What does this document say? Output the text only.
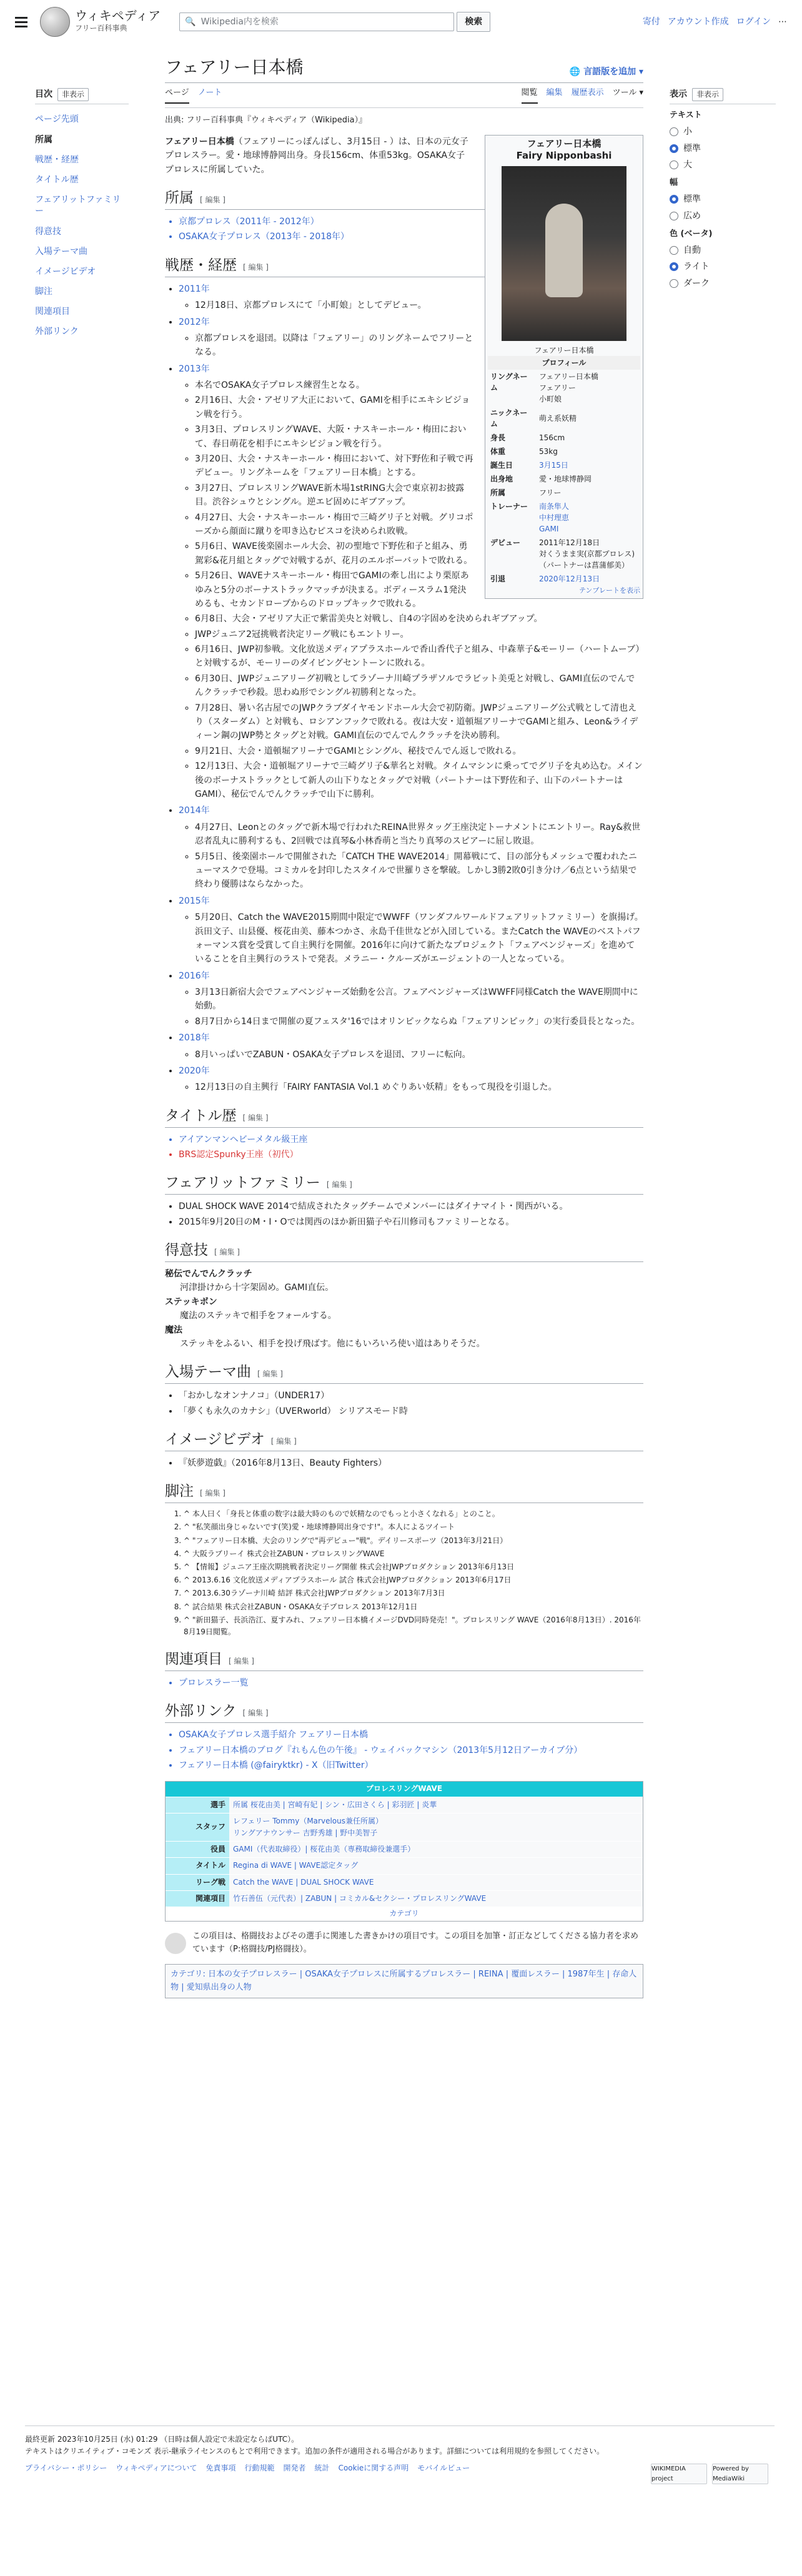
ウィキペディア
フリー百科事典
🔍 Wikipedia内を検索	検索	寄付 アカウント作成 ログイン ⋯
目次	非表示
ページ先頭
所属
戦歴・経歴
タイトル歴
フェアリットファミリー
得意技
入場テーマ曲
イメージビデオ
脚注
関連項目
外部リンク
フェアリー日本橋	🌐 言語版を追加 ▾
ページ ノート	閲覧 編集 履歴表示 ツール ▾
出典: フリー百科事典『ウィキペディア（Wikipedia）』
フェアリー日本橋
Fairy Nipponbashi
フェアリー日本橋
プロフィール	
リングネーム	フェアリー日本橋
フェアリー
小町娘
ニックネーム	萌え系妖精
身長	156cm
体重	53kg
誕生日	3月15日
出身地	愛・地球博静岡
所属	フリー
トレーナー	南条隼人
中村理恵
GAMI
デビュー	2011年12月18日
対くうまま実(京都プロレス)
（パートナーは菖蒲郁美）
引退	2020年12月13日
テンプレートを表示

フェアリー日本橋（フェアリーにっぽんばし、3月15日 - ）は、日本の元女子プロレスラー。愛・地球博静岡出身。身長156cm、体重53kg。OSAKA女子プロレスに所属していた。

所属 [ 編集 ]
• 京都プロレス（2011年 - 2012年）
• OSAKA女子プロレス（2013年 - 2018年）
戦歴・経歴 [ 編集 ]
• 2011年
◦ 12月18日、京都プロレスにて「小町娘」としてデビュー。
• 2012年
◦ 京都プロレスを退団。以降は「フェアリー」のリングネームでフリーとなる。
• 2013年
◦ 本名でOSAKA女子プロレス練習生となる。
◦ 2月16日、大会・アゼリア大正において、GAMIを相手にエキシビジョン戦を行う。
◦ 3月3日、プロレスリングWAVE、大阪・ナスキーホール・梅田において、春日萌花を相手にエキシビジョン戦を行う。
◦ 3月20日、大会・ナスキーホール・梅田において、対下野佐和子戦で再デビュー。リングネームを「フェアリー日本橋」とする。
◦ 3月27日、プロレスリングWAVE新木場1stRING大会で東京初お披露目。渋谷シュウとシングル。逆エビ固めにギブアップ。
◦ 4月27日、大会・ナスキーホール・梅田で三崎グリ子と対戦。グリコポーズから顔面に蹴りを叩き込むピスコを決められ敗戦。
◦ 5月6日、WAVE後楽園ホール大会、初の聖地で下野佐和子と組み、勇駕彩&花月組とタッグで対戦するが、花月のエルボーバットで敗れる。
◦ 5月26日、WAVEナスキーホール・梅田でGAMIの牽し出により栗原あゆみと5分のボーナストラックマッチが決まる。ボディースラム1発決めるも、セカンドロープからのドロップキックで敗れる。
◦ 6月8日、大会・アゼリア大正で紫雷美央と対戦し、自4の字固めを決められギブアップ。
◦ JWPジュニア2冠挑戦者決定リーグ戦にもエントリー。
◦ 6月16日、JWP初参戦。文化放送メディアプラスホールで香山香代子と組み、中森華子&モーリー（ハートムーブ）と対戦するが、モーリーのダイビングセントーンに敗れる。
◦ 6月30日、JWPジュニアリーグ初戦としてラゾーナ川崎プラザソルでラビット美兎と対戦し、GAMI直伝のでんでんクラッチで秒殺。思わぬ形でシングル初勝利となった。
◦ 7月28日、暑い名古屋でのJWPクラブダイヤモンドホール大会で初防衛。JWPジュニアリーグ公式戦として清也えり（スターダム）と対戦も、ロシアンフックで敗れる。夜は大安・道頓堀アリーナでGAMIと組み、Leon&ライディーン鋼のJWP勢とタッグと対戦。GAMI直伝のでんでんクラッチを決め勝利。
◦ 9月21日、大会・道頓堀アリーナでGAMIとシングル、秘技でんでん返しで敗れる。
◦ 12月13日、大会・道頓堀アリーナで三崎グリ子&華名と対戦。タイムマシンに乗ってでグリ子を丸め込む。メイン後のボーナストラックとして新人の山下りなとタッグで対戦（パートナーは下野佐和子、山下のパートナーはGAMI）、秘伝でんでんクラッチで山下に勝利。
• 2014年
◦ 4月27日、Leonとのタッグで新木場で行われたREINA世界タッグ王座決定トーナメントにエントリー。Ray&救世忍者乱丸に勝利するも、2回戦では真琴&小林香萌と当たり真琴のスピアーに屈し敗退。
◦ 5月5日、後楽園ホールで開催された「CATCH THE WAVE2014」開幕戦にて、目の部分もメッシュで覆われたニューマスクで登場。コミカルを封印したスタイルで世羅りさを撃破。しかし3勝2敗0引き分け／6点という結果で終わり優勝はならなかった。
• 2015年
◦ 5月20日、Catch the WAVE2015期間中限定でWWFF（ワンダフルワールドフェアリットファミリー）を旗揚げ。浜田文子、山县優、桜花由美、藤本つかさ、永島千佳世などが入団している。またCatch the WAVEのベストパフォーマンス賞を受賞して自主興行を開催。2016年に向けて新たなプロジェクト「フェアベンジャーズ」を進めていることを自主興行のラストで発表。メラニー・クルーズがエージェントの一人となっている。
• 2016年
◦ 3月13日新宿大会でフェアベンジャーズ始動を公言。フェアベンジャーズはWWFF同様Catch the WAVE期間中に始動。
◦ 8月7日から14日まで開催の夏フェスタ'16ではオリンピックならぬ「フェアリンピック」の実行委員長となった。
• 2018年
◦ 8月いっぱいでZABUN・OSAKA女子プロレスを退団、フリーに転向。
• 2020年
◦ 12月13日の自主興行「FAIRY FANTASIA Vol.1 めぐりあい妖精」をもって現役を引退した。
タイトル歴 [ 編集 ]
• アイアンマンヘビーメタル級王座
• BRS認定Spunky王座（初代）
フェアリットファミリー [ 編集 ]
• DUAL SHOCK WAVE 2014で結成されたタッグチームでメンバーにはダイナマイト・関西がいる。
• 2015年9月20日のM・I・Oでは関西のほか新田猫子や石川修司もファミリーとなる。
得意技 [ 編集 ]
秘伝でんでんクラッチ
河津掛けから十字架固め。GAMI直伝。
ステッキボン
魔法のステッキで相手をフォールする。
魔法
ステッキをふるい、相手を投げ飛ばす。他にもいろいろ使い道はありそうだ。
入場テーマ曲 [ 編集 ]
• 「おかしなオンナノコ」（UNDER17）
• 「夢くも永久のカナシ」（UVERworld） シリアスモード時
イメージビデオ [ 編集 ]
• 『妖夢遊戯』（2016年8月13日、Beauty Fighters）
脚注 [ 編集 ]
1. ^ 本人曰く「身長と体重の数字は最大時のもので妖精なのでもっと小さくなれる」とのこと。
2. ^ "私笑顔出身じゃないです(笑)愛・地球博静岡出身です!"。本人によるツイート
3. ^ "フェアリー日本橋、大会のリングで"再デビュー"戦"。デイリースポーツ（2013年3月21日）
4. ^ 大阪ラブリーイ 株式会社ZABUN・プロレスリングWAVE
5. ^ 【情報】ジュニア王座次期挑戦者決定リーグ開催 株式会社JWPプロダクション 2013年6月13日
6. ^ 2013.6.16 文化放送メディアプラスホール 試合 株式会社JWPプロダクション 2013年6月17日
7. ^ 2013.6.30ラゾーナ川崎 結評 株式会社JWPプロダクション 2013年7月3日
8. ^ 試合結果 株式会社ZABUN・OSAKA女子プロレス 2013年12月1日
9. ^ "新田猫子、長浜浩江、夏すみれ、フェアリー日本橋イメージDVD同時発売！"。プロレスリング WAVE（2016年8月13日）. 2016年8月19日閲覧。
関連項目 [ 編集 ]
• プロレスラー一覧
外部リンク [ 編集 ]
• OSAKA女子プロレス選手紹介 フェアリー日本橋
• フェアリー日本橋のブログ『れもん色の午後』 - ウェイバックマシン（2013年5月12日アーカイブ分）
• フェアリー日本橋 (@fairyktkr) - X（旧Twitter）
プロレスリングWAVE
選手	所属 桜花由美 | 宮崎有妃 | シン・広田さくら | 彩羽匠 | 炎華
スタッフ	レフェリー Tommy（Marvelous兼任所属）
リングアナウンサー 吉野秀雄 | 野中美智子
役員	GAMI（代表取締役）| 桜花由美（専務取締役兼選手）
タイトル	Regina di WAVE | WAVE認定タッグ
リーグ戦	Catch the WAVE | DUAL SHOCK WAVE
関連項目	竹石善伍（元代表）| ZABUN | コミカル&セクシー・プロレスリングWAVE
カテゴリ
この項目は、格闘技およびその選手に関連した書きかけの項目です。この項目を加筆・訂正などしてくださる協力者を求めています（P:格闘技/PJ格闘技）。
カテゴリ: 日本の女子プロレスラー | OSAKA女子プロレスに所属するプロレスラー | REINA | 覆面レスラー | 1987年生 | 存命人物 | 愛知県出身の人物
表示	非表示
テキスト
小
標準
大
幅
標準
広め
色 (ベータ)
自動
ライト
ダーク
最終更新 2023年10月25日 (水) 01:29 （日時は個人設定で未設定ならばUTC）。
テキストはクリエイティブ・コモンズ 表示-継承ライセンスのもとで利用できます。追加の条件が適用される場合があります。詳細については利用規約を参照してください。
プライバシー・ポリシー ウィキペディアについて 免責事項 行動規範 開発者 統計 Cookieに関する声明 モバイルビュー	WIKIMEDIA project
Powered by MediaWiki
